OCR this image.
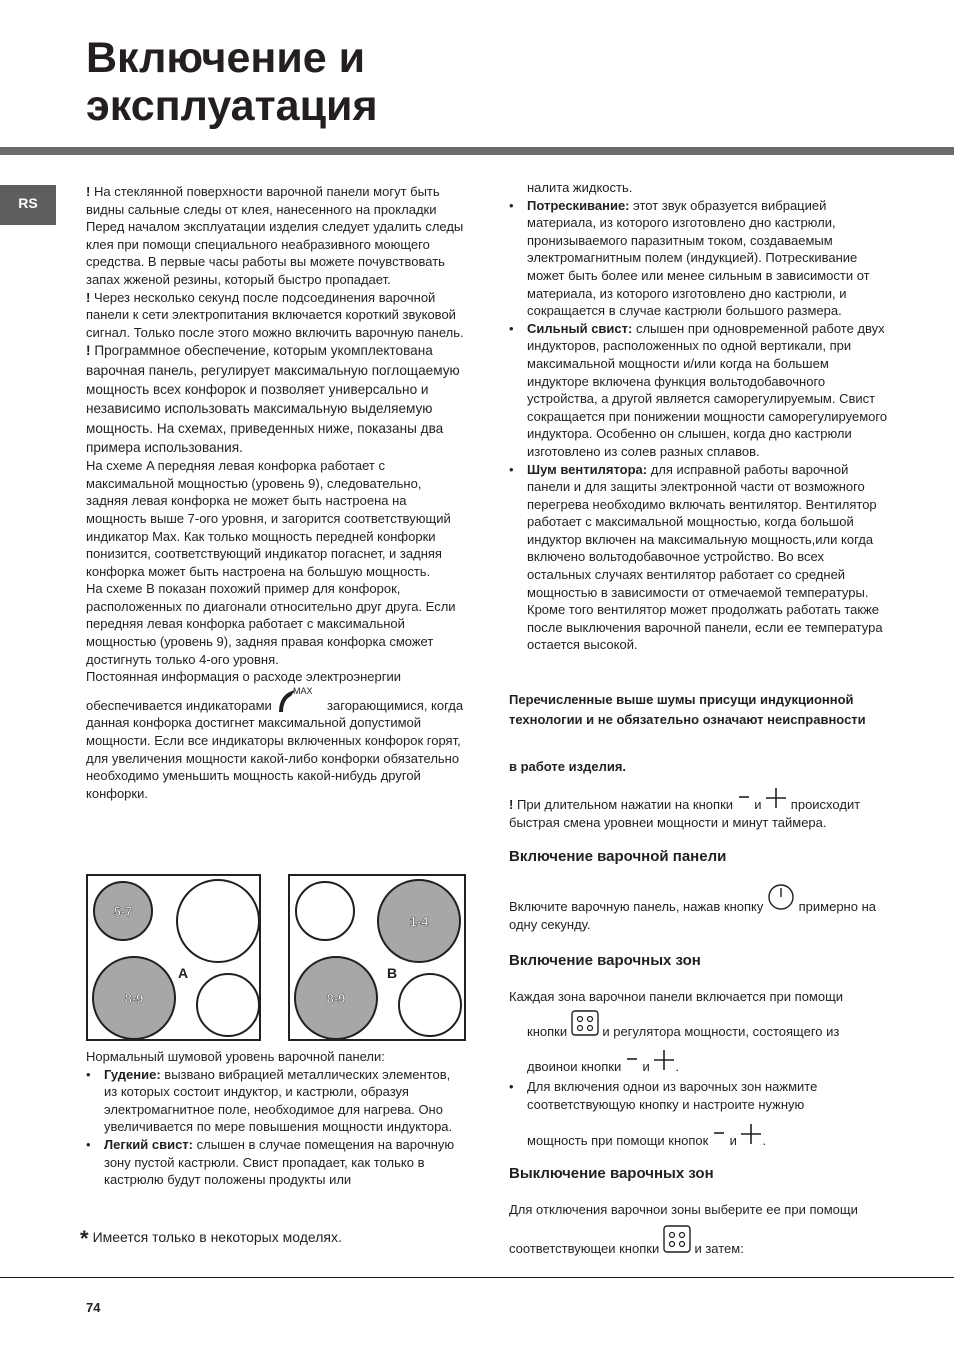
Включение и
эксплуатация
RS

! На стеклянной поверхности варочной панели могут быть видны сальные следы от клея, нанесенного на прокладки Перед началом эксплуатации изделия следует удалить следы клея при помощи специального неабразивного моющего средства. В первые часы работы вы можете почувствовать запах жженой резины, который быстро пропадает.

! Через несколько секунд после подсоединения варочной панели к сети электропитания включается короткий звуковой сигнал. Только после этого можно включить варочную панель.

! Программное обеспечение, которым укомплектована варочная панель, регулирует максимальную поглощаемую мощность всех конфорок и позволяет универсально и независимо использовать максимальную выделяемую мощность. На схемах, приведенных ниже, показаны два примера использования.

На схеме A передняя левая конфорка работает с максимальной мощностью (уровень 9), следовательно, задняя левая конфорка не может быть настроена на мощность выше 7-ого уровня, и загорится соответствующий индикатор Max. Как только мощность передней конфорки понизится, соответствующий индикатор погаснет, и задняя конфорка может быть настроена на большую мощность.

На схеме B показан похожий пример для конфорок, расположенных по диагонали относительно друг друга. Если передняя левая конфорка работает с максимальной мощностью (уровень 9), задняя правая конфорка сможет достигнуть только 4-ого уровня.

Постоянная информация о расходе электроэнергии
обеспечивается индикаторами
MAX
загорающимися, когда данная конфорка достигнет максимальной допустимой мощности. Если все индикаторы включенных конфорок горят, для увеличения мощности какой-либо конфорки обязательно необходимо уменьшить мощность какой-нибудь другой конфорки.

5-7
8-9
A
1-4
8-9
B

Нормальный шумовой уровень варочной панели:

• Гудение: вызвано вибрацией металлических элементов, из которых состоит индуктор, и кастрюли, образуя электромагнитное поле, необходимое для нагрева. Оно увеличивается по мере повышения мощности индуктора.
• Легкий свист: слышен в случае помещения на варочную зону пустой кастрюли. Свист пропадает, как только в кастрюлю будут положены продукты или
* Имеется только в некоторых моделях.

налита жидкость.

• Потрескивание: этот звук образуется вибрацией материала, из которого изготовлено дно кастрюли, пронизываемого паразитным током, создаваемым электромагнитным полем (индукцией). Потрескивание может быть более или менее сильным в зависимости от материала, из которого изготовлено дно кастрюли, и сокращается в случае кастрюли большого размера.
• Сильный свист: слышен при одновременной работе двух индукторов, расположенных по одной вертикали, при максимальной мощности и/или когда на большем индукторе включена функция вольтодобавочного устройства, а другой является саморегулируемым. Свист сокращается при понижении мощности саморегулируемого индуктора. Особенно он слышен, когда дно кастрюли изготовлено из солев разных сплавов.
• Шум вентилятора: для исправной работы варочной панели и для защиты электронной части от возможного перегрева необходимо включать вентилятор. Вентилятор работает с максимальной мощностью, когда большой индуктор включен на максимальную мощность,или когда включено вольтодобавочное устройство. Во всех остальных случаях вентилятор работает со средней мощностью в зависимости от отмечаемой температуры. Кроме того вентилятор может продолжать работать также после выключения варочной панели, если ее температура остается высокой.
Перечисленные выше шумы присущи индукционной
технологии и не обязательно означают неисправности
в работе изделия.
! При длительном нажатии на кнопки и происходит быстрая смена уровнеи мощности и минут таймера.
Включение варочной панели
Включите варочную панель, нажав кнопку	примерно на одну секунду.
Включение варочных зон
Каждая зона варочнои панели включается при помощи
кнопки	и регулятора мощности, состоящего из
двоинои кнопки и .
• Для включения однои из варочных зон нажмите соответствующую кнопку и настроите нужную
мощность при помощи кнопок и .
Выключение варочных зон
Для отключения варочнои зоны выберите ее при помощи
соответствующеи кнопки	и затем:
74
